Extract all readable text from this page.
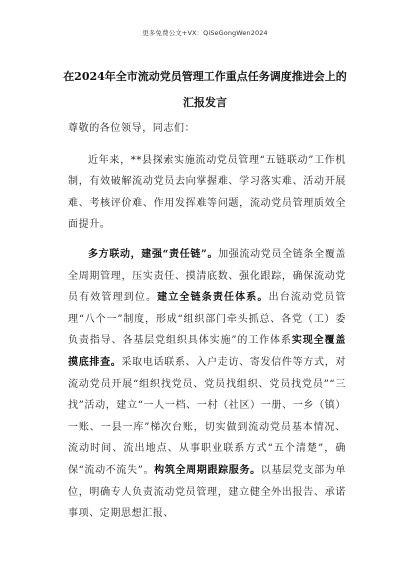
更多免费公文+VX：QiSeGongWen2024
在2024年全市流动党员管理工作重点任务调度推进会上的汇报发言

尊敬的各位领导，同志们：

近年来，**县探索实施流动党员管理“五链联动”工作机制，有效破解流动党员去向掌握难、学习落实难、活动开展难、考核评价难、作用发挥难等问题，流动党员管理质效全面提升。

多方联动，建强“责任链”。加强流动党员全链条全覆盖全周期管理，压实责任、摸清底数、强化跟踪，确保流动党员有效管理到位。建立全链条责任体系。出台流动党员管理“八个一”制度，形成“组织部门牵头抓总、各党（工）委负责指导、各基层党组织具体实施”的工作体系实现全覆盖摸底排查。采取电话联系、入户走访、寄发信件等方式，对流动党员开展“组织找党员、党员找组织、党员找党员”“三找”活动，建立“一人一档、一村（社区）一册、一乡（镇）一账、一县一库”梯次台账，切实做到流动党员基本情况、流动时间、流出地点、从事职业联系方式“五个清楚”，确保“流动不流失”。构筑全周期跟踪服务。以基层党支部为单位，明确专人负责流动党员管理，建立健全外出报告、承诺事项、定期思想汇报、
